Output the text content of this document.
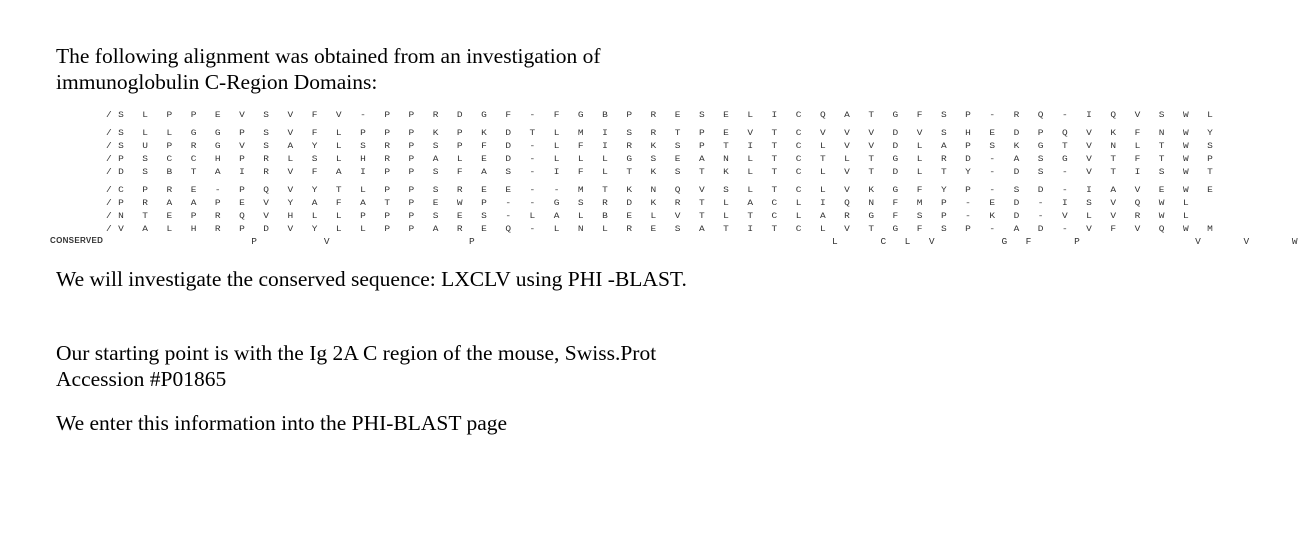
The following alignment was obtained from an investigation of immunoglobulin C-Region Domains:

/S L P P E V S V F V - P P R D G F - F G B P R E S E L I C Q A T G F S P - R Q - I Q V S W L
/S L L G G P S V F L P P P K P K D T L M I S R T P E V T C V V V D V S H E D P Q V K F N W Y
/S U P R G V S A Y L S R P S P F D - L F I R K S P T I T C L V V D L A P S K G T V N L T W S
/P S C C H P R L S L H R P A L E D - L L L G S E A N L T C T L T G L R D - A S G V T F T W P
/D S B T A I R V F A I P P S F A S - I F L T K S T K L T C L V T D L T Y - D S - V T I S W T
/C P R E - P Q V Y T L P P S R E E - - M T K N Q V S L T C L V K G F Y P - S D - I A V E W E
/P R A A P E V Y A F A T P E W P - - G S R D K R T L A C L I Q N F M P - E D - I S V Q W L
/N T E P R Q V H L L P P P S E S - L A L B E L V T L T C L A R G F S P - K D - V L V R W L
/V A L H R P D V Y L L P P A R E Q - L N L R E S A T I T C L V T G F S P - A D - V F V Q W M
CONSERVED P     V           P                             L   C L V     G F   P         V   V   W

We will investigate the conserved sequence: LXCLV using PHI -BLAST.

Our starting point is with the Ig 2A C region of the mouse, Swiss.Prot Accession #P01865

We enter this information into the PHI-BLAST page
